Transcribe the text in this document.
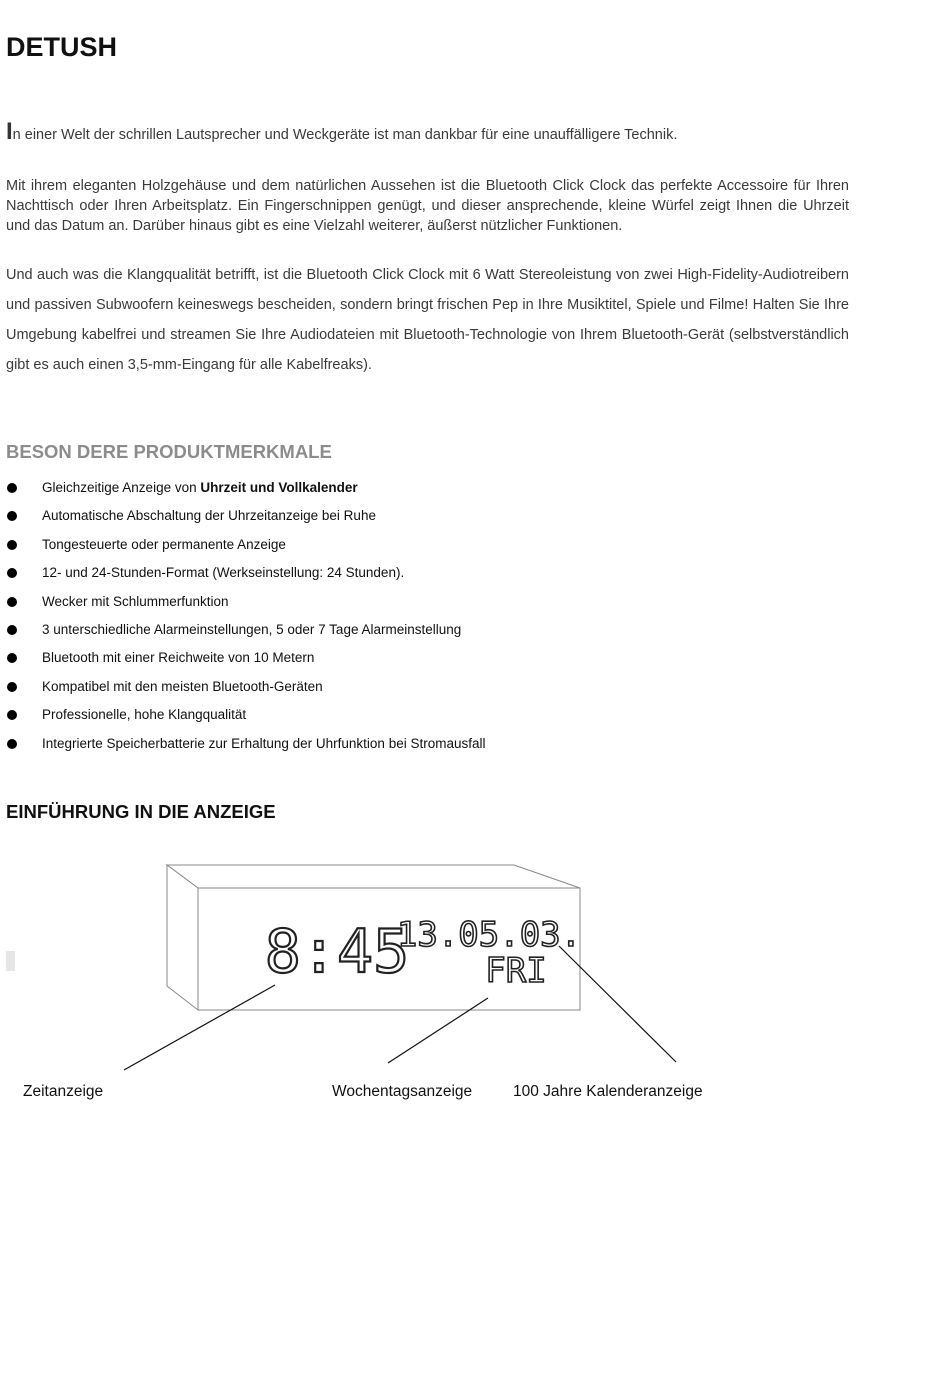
DETUSH

In einer Welt der schrillen Lautsprecher und Weckgeräte ist man dankbar für eine unauffälligere Technik.

Mit ihrem eleganten Holzgehäuse und dem natürlichen Aussehen ist die Bluetooth Click Clock das perfekte Accessoire für Ihren Nachttisch oder Ihren Arbeitsplatz. Ein Fingerschnippen genügt, und dieser ansprechende, kleine Würfel zeigt Ihnen die Uhrzeit und das Datum an. Darüber hinaus gibt es eine Vielzahl weiterer, äußerst nützlicher Funktionen.

Und auch was die Klangqualität betrifft, ist die Bluetooth Click Clock mit 6 Watt Stereoleistung von zwei High-Fidelity-Audiotreibern und passiven Subwoofern keineswegs bescheiden, sondern bringt frischen Pep in Ihre Musiktitel, Spiele und Filme! Halten Sie Ihre Umgebung kabelfrei und streamen Sie Ihre Audiodateien mit Bluetooth-Technologie von Ihrem Bluetooth-Gerät (selbstverständlich gibt es auch einen 3,5-mm-Eingang für alle Kabelfreaks).

BESON DERE PRODUKTMERKMALE
Gleichzeitige Anzeige von Uhrzeit und Vollkalender
Automatische Abschaltung der Uhrzeitanzeige bei Ruhe
Tongesteuerte oder permanente Anzeige
12- und 24-Stunden-Format (Werkseinstellung: 24 Stunden).
Wecker mit Schlummerfunktion
3 unterschiedliche Alarmeinstellungen, 5 oder 7 Tage Alarmeinstellung
Bluetooth mit einer Reichweite von 10 Metern
Kompatibel mit den meisten Bluetooth-Geräten
Professionelle, hohe Klangqualität
Integrierte Speicherbatterie zur Erhaltung der Uhrfunktion bei Stromausfall
EINFÜHRUNG IN DIE ANZEIGE
8:45
13.05.03.
FRI
Zeitanzeige	Wochentagsanzeige	100 Jahre Kalenderanzeige
